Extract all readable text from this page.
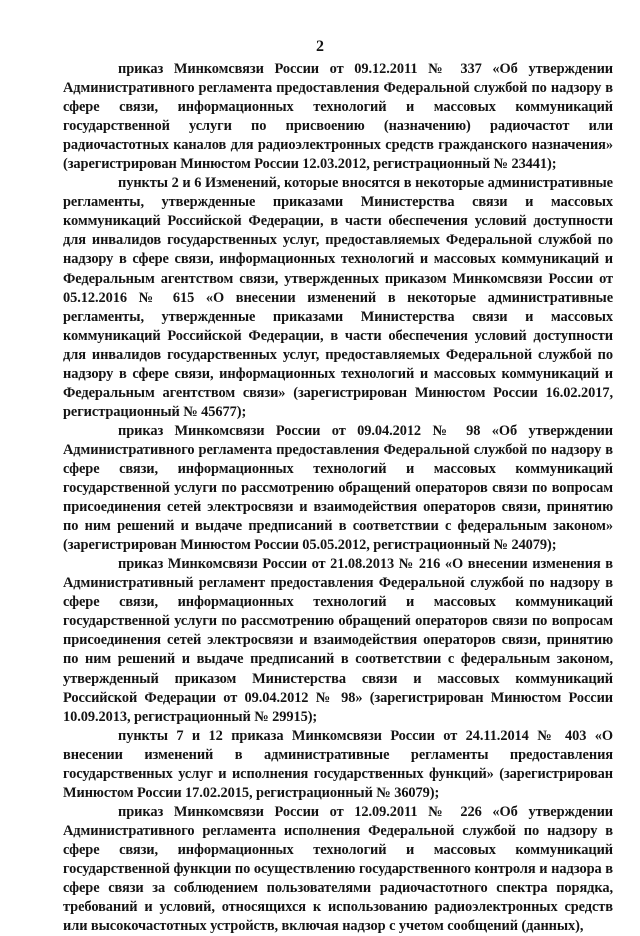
2

приказ Минкомсвязи России от 09.12.2011 № 337 «Об утверждении Административного регламента предоставления Федеральной службой по надзору в сфере связи, информационных технологий и массовых коммуникаций государственной услуги по присвоению (назначению) радиочастот или радиочастотных каналов для радиоэлектронных средств гражданского назначения» (зарегистрирован Минюстом России 12.03.2012, регистрационный № 23441);

пункты 2 и 6 Изменений, которые вносятся в некоторые административные регламенты, утвержденные приказами Министерства связи и массовых коммуникаций Российской Федерации, в части обеспечения условий доступности для инвалидов государственных услуг, предоставляемых Федеральной службой по надзору в сфере связи, информационных технологий и массовых коммуникаций и Федеральным агентством связи, утвержденных приказом Минкомсвязи России от 05.12.2016 № 615 «О внесении изменений в некоторые административные регламенты, утвержденные приказами Министерства связи и массовых коммуникаций Российской Федерации, в части обеспечения условий доступности для инвалидов государственных услуг, предоставляемых Федеральной службой по надзору в сфере связи, информационных технологий и массовых коммуникаций и Федеральным агентством связи» (зарегистрирован Минюстом России 16.02.2017, регистрационный № 45677);

приказ Минкомсвязи России от 09.04.2012 № 98 «Об утверждении Административного регламента предоставления Федеральной службой по надзору в сфере связи, информационных технологий и массовых коммуникаций государственной услуги по рассмотрению обращений операторов связи по вопросам присоединения сетей электросвязи и взаимодействия операторов связи, принятию по ним решений и выдаче предписаний в соответствии с федеральным законом» (зарегистрирован Минюстом России 05.05.2012, регистрационный № 24079);

приказ Минкомсвязи России от 21.08.2013 № 216 «О внесении изменения в Административный регламент предоставления Федеральной службой по надзору в сфере связи, информационных технологий и массовых коммуникаций государственной услуги по рассмотрению обращений операторов связи по вопросам присоединения сетей электросвязи и взаимодействия операторов связи, принятию по ним решений и выдаче предписаний в соответствии с федеральным законом, утвержденный приказом Министерства связи и массовых коммуникаций Российской Федерации от 09.04.2012 № 98» (зарегистрирован Минюстом России 10.09.2013, регистрационный № 29915);

пункты 7 и 12 приказа Минкомсвязи России от 24.11.2014 № 403 «О внесении изменений в административные регламенты предоставления государственных услуг и исполнения государственных функций» (зарегистрирован Минюстом России 17.02.2015, регистрационный № 36079);

приказ Минкомсвязи России от 12.09.2011 № 226 «Об утверждении Административного регламента исполнения Федеральной службой по надзору в сфере связи, информационных технологий и массовых коммуникаций государственной функции по осуществлению государственного контроля и надзора в сфере связи за соблюдением пользователями радиочастотного спектра порядка, требований и условий, относящихся к использованию радиоэлектронных средств или высокочастотных устройств, включая надзор с учетом сообщений (данных),
